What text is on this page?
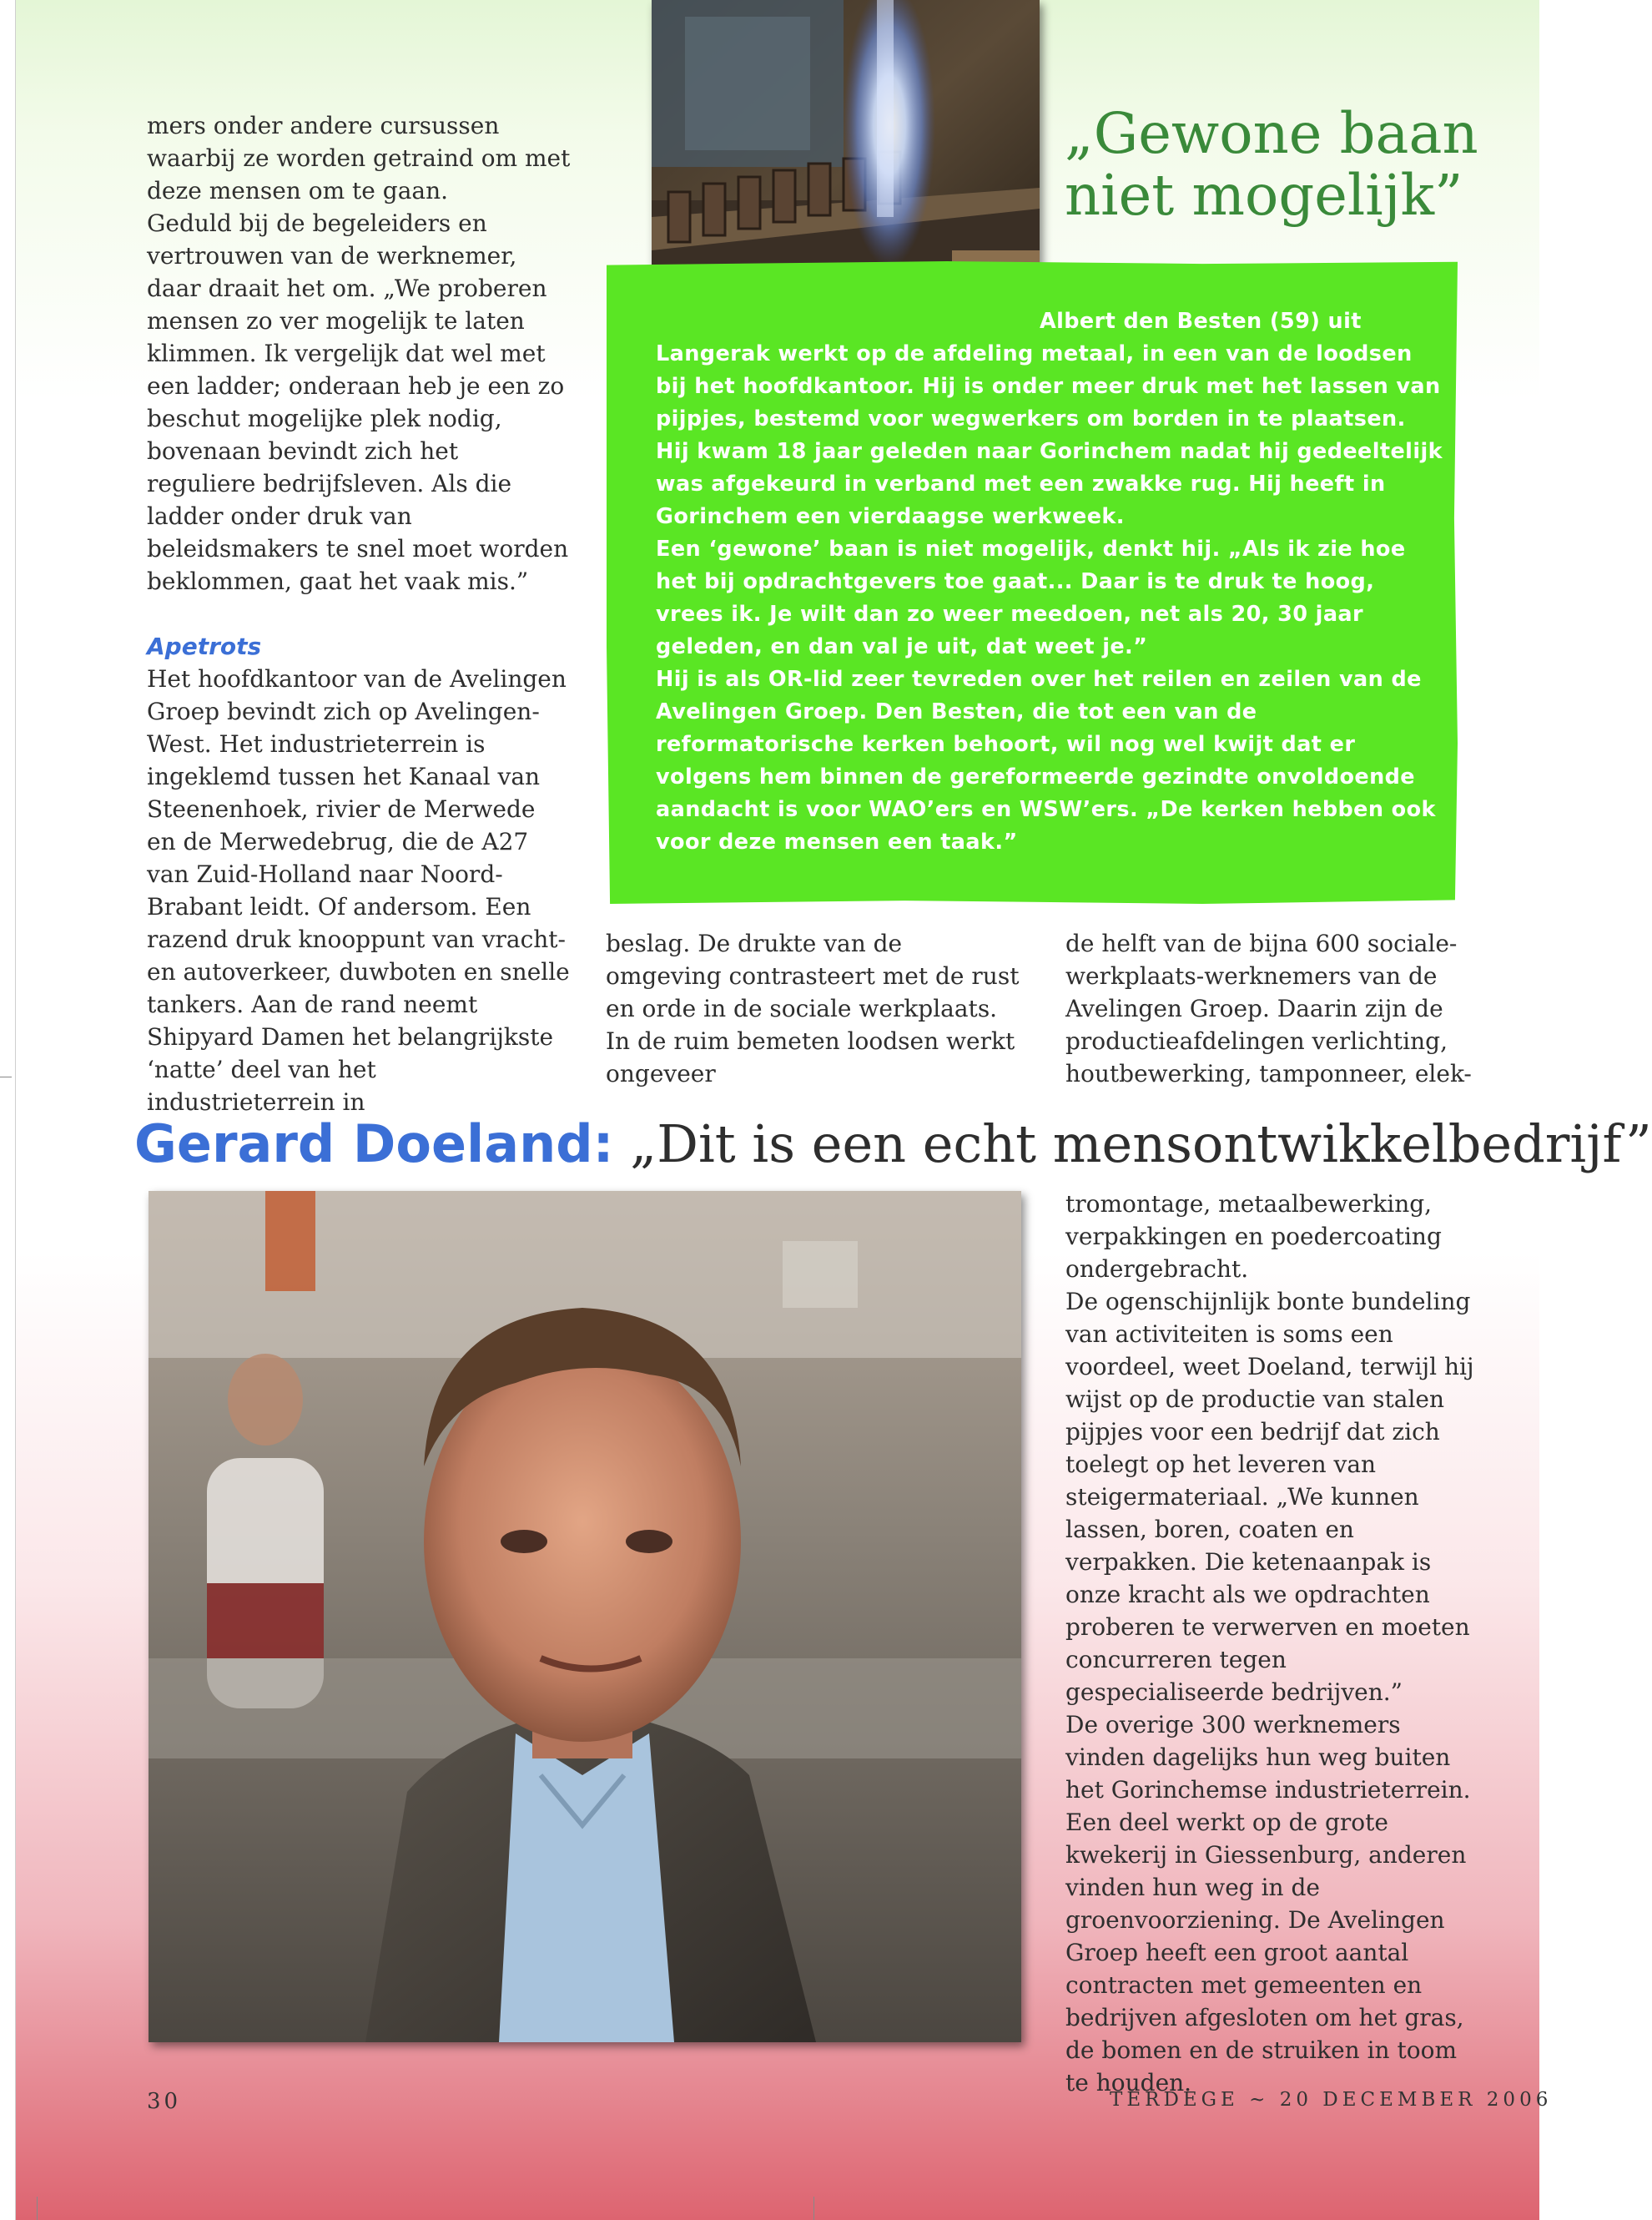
„Gewone baan niet mogelijk”

Albert den Besten (59) uit Langerak werkt op de afdeling metaal, in een van de loodsen bij het hoofdkantoor. Hij is onder meer druk met het lassen van pijpjes, bestemd voor wegwerkers om borden in te plaatsen.

Hij kwam 18 jaar geleden naar Gorinchem nadat hij gedeeltelijk was afgekeurd in verband met een zwakke rug. Hij heeft in Gorinchem een vierdaagse werkweek.

Een ‘gewone’ baan is niet mogelijk, denkt hij. „Als ik zie hoe het bij opdrachtgevers toe gaat... Daar is te druk te hoog, vrees ik. Je wilt dan zo weer meedoen, net als 20, 30 jaar geleden, en dan val je uit, dat weet je.”

Hij is als OR-lid zeer tevreden over het reilen en zeilen van de Avelingen Groep. Den Besten, die tot een van de reformatorische kerken behoort, wil nog wel kwijt dat er volgens hem binnen de gereformeerde gezindte onvoldoende aandacht is voor WAO’ers en WSW’ers. „De kerken hebben ook voor deze mensen een taak.”

mers onder andere cursussen waarbij ze worden getraind om met deze mensen om te gaan.

Geduld bij de begeleiders en vertrouwen van de werknemer, daar draait het om. „We proberen mensen zo ver mogelijk te laten klimmen. Ik vergelijk dat wel met een ladder; onderaan heb je een zo beschut mogelijke plek nodig, bovenaan bevindt zich het reguliere bedrijfsleven. Als die ladder onder druk van beleidsmakers te snel moet worden beklommen, gaat het vaak mis.”

Apetrots

Het hoofdkantoor van de Avelingen Groep bevindt zich op Avelingen-West. Het industrieterrein is ingeklemd tussen het Kanaal van Steenenhoek, rivier de Merwede en de Merwedebrug, die de A27 van Zuid-Holland naar Noord-Brabant leidt. Of andersom. Een razend druk knooppunt van vracht- en autoverkeer, duwboten en snelle tankers. Aan de rand neemt Shipyard Damen het belangrijkste ‘natte’ deel van het industrieterrein in

beslag. De drukte van de omgeving contrasteert met de rust en orde in de sociale werkplaats. In de ruim bemeten loodsen werkt ongeveer

de helft van de bijna 600 sociale-werkplaats-werknemers van de Avelingen Groep. Daarin zijn de productieafdelingen verlichting, houtbewerking, tamponneer, elek-

Gerard Doeland: „Dit is een echt mensontwikkelbedrijf”

tromontage, metaalbewerking, verpakkingen en poedercoating ondergebracht.

De ogenschijnlijk bonte bundeling van activiteiten is soms een voordeel, weet Doeland, terwijl hij wijst op de productie van stalen pijpjes voor een bedrijf dat zich toelegt op het leveren van steigermateriaal. „We kunnen lassen, boren, coaten en verpakken. Die ketenaanpak is onze kracht als we opdrachten proberen te verwerven en moeten concurreren tegen gespecialiseerde bedrijven.”

De overige 300 werknemers vinden dagelijks hun weg buiten het Gorinchemse industrieterrein. Een deel werkt op de grote kwekerij in Giessenburg, anderen vinden hun weg in de groenvoorziening. De Avelingen Groep heeft een groot aantal contracten met gemeenten en bedrijven afgesloten om het gras, de bomen en de struiken in toom te houden.

30	TERDEGE ~ 20 DECEMBER 2006
